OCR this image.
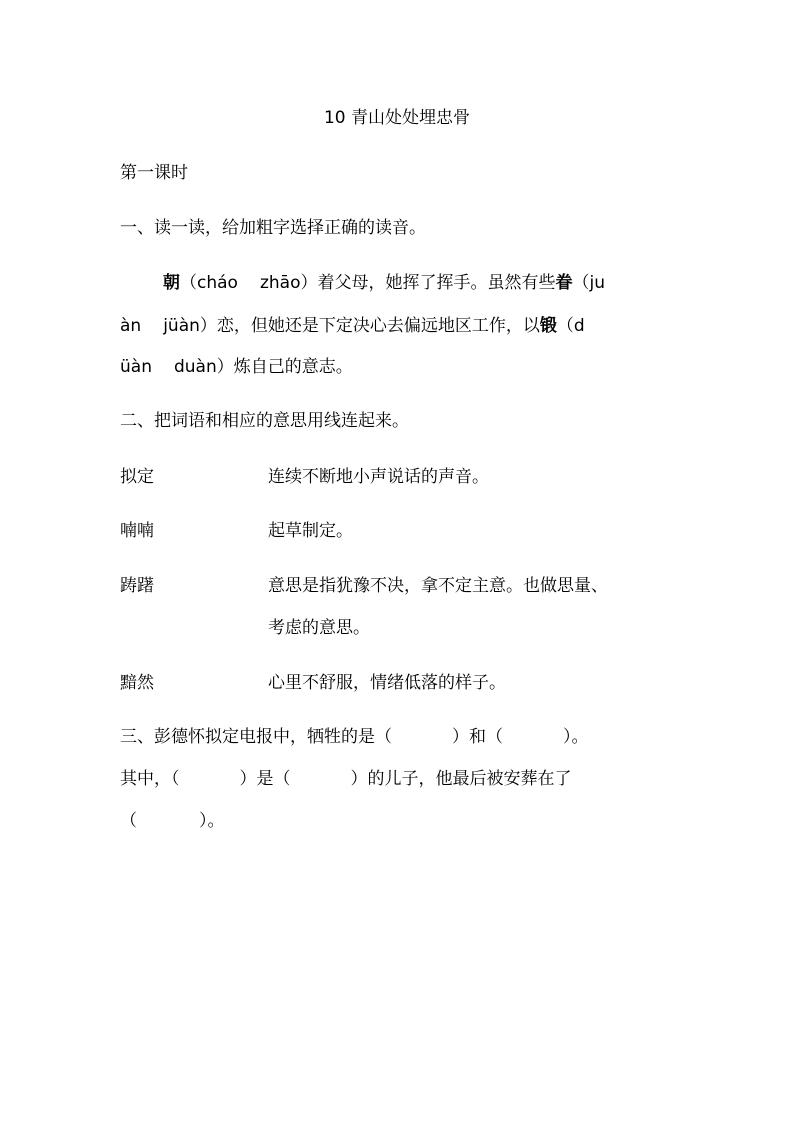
10 青山处处埋忠骨
第一课时
一、读一读，给加粗字选择正确的读音。
朝（cháo zhāo）着父母，她挥了挥手。虽然有些眷（ju
àn jüàn）恋，但她还是下定决心去偏远地区工作，以锻（d
üàn duàn）炼自己的意志。
二、把词语和相应的意思用线连起来。
拟定	连续不断地小声说话的声音。
喃喃	起草制定。
踌躇	意思是指犹豫不决，拿不定主意。也做思量、
考虑的意思。
黯然	心里不舒服，情绪低落的样子。
三、彭德怀拟定电报中，牺牲的是（	）和（	）。
其中，（	）是（	）的儿子，他最后被安葬在了
（	）。
